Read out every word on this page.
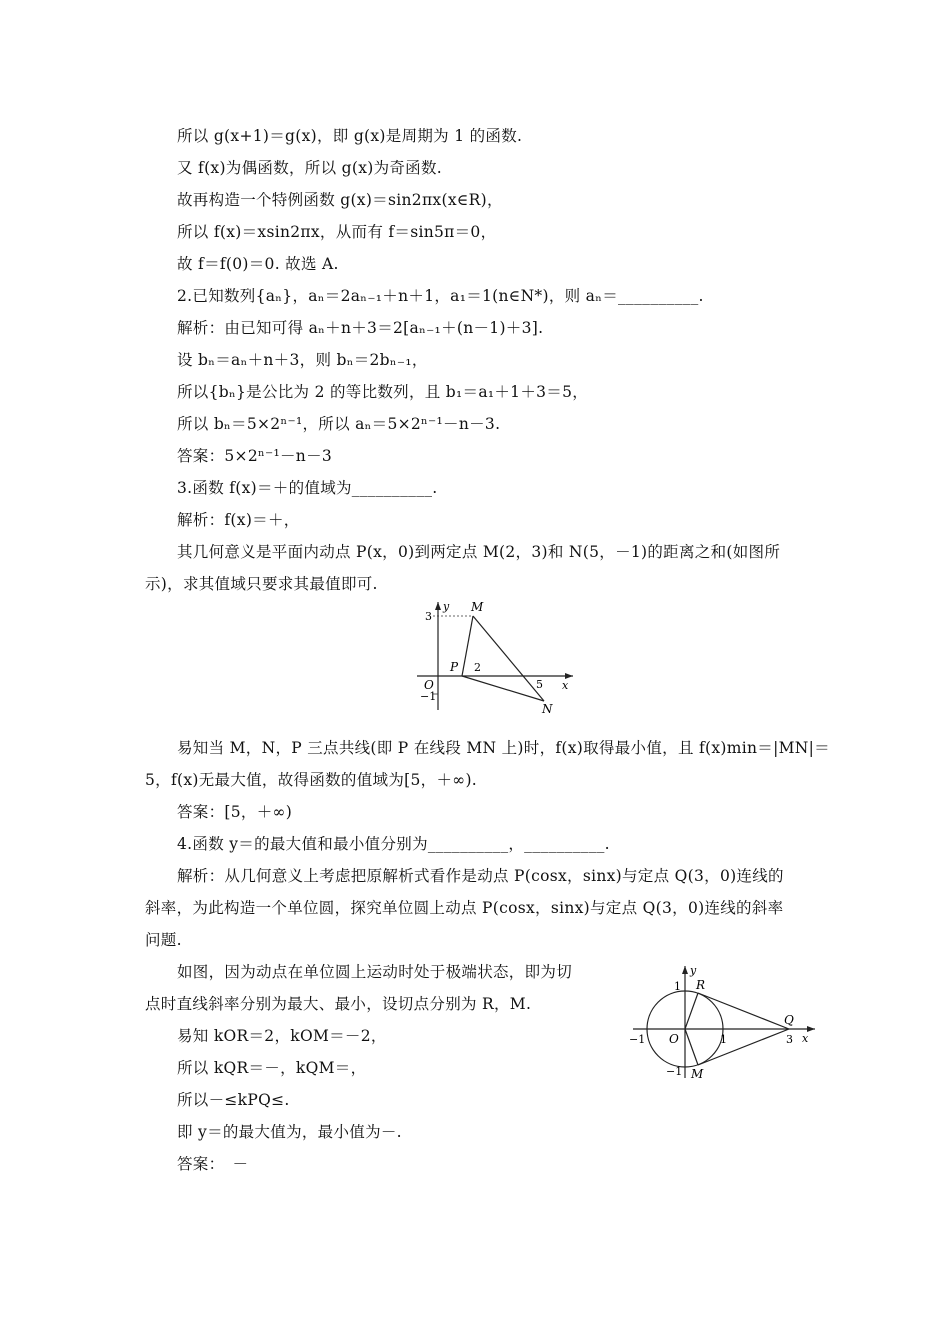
所以 g(x+1)＝g(x)，即 g(x)是周期为 1 的函数.
又 f(x)为偶函数，所以 g(x)为奇函数.
故再构造一个特例函数 g(x)＝sin2πx(x∈R)，
所以 f(x)＝xsin2πx，从而有 f＝sin5π＝0，
故 f＝f(0)＝0. 故选 A.
2.已知数列{aₙ}，aₙ＝2aₙ₋₁＋n＋1，a₁＝1(n∈N*)，则 aₙ＝__________.
解析：由已知可得 aₙ＋n＋3＝2[aₙ₋₁＋(n－1)＋3].
设 bₙ＝aₙ＋n＋3，则 bₙ＝2bₙ₋₁，
所以{bₙ}是公比为 2 的等比数列，且 b₁＝a₁＋1＋3＝5，
所以 bₙ＝5×2ⁿ⁻¹，所以 aₙ＝5×2ⁿ⁻¹－n－3.
答案：5×2ⁿ⁻¹－n－3
3.函数 f(x)＝＋的值域为__________.
解析：f(x)＝＋，
其几何意义是平面内动点 P(x，0)到两定点 M(2，3)和 N(5，－1)的距离之和(如图所
示)，求其值域只要求其最值即可.
y
x
O
3
−1
5
P
M
N
2
易知当 M，N，P 三点共线(即 P 在线段 MN 上)时，f(x)取得最小值，且 f(x)min＝|MN|＝
5，f(x)无最大值，故得函数的值域为[5，＋∞).
答案：[5，＋∞)
4.函数 y＝的最大值和最小值分别为__________，__________.
解析：从几何意义上考虑把原解析式看作是动点 P(cosx，sinx)与定点 Q(3，0)连线的
斜率，为此构造一个单位圆，探究单位圆上动点 P(cosx，sinx)与定点 Q(3，0)连线的斜率
问题.
如图，因为动点在单位圆上运动时处于极端状态，即为切
点时直线斜率分别为最大、最小，设切点分别为 R，M.
易知 kOR＝2，kOM＝－2，
所以 kQR＝－，kQM＝，
所以－≤kPQ≤.
即 y＝的最大值为，最小值为－.
答案：　－
y
x
O
1
−1
−1	1	3
R
M
Q
